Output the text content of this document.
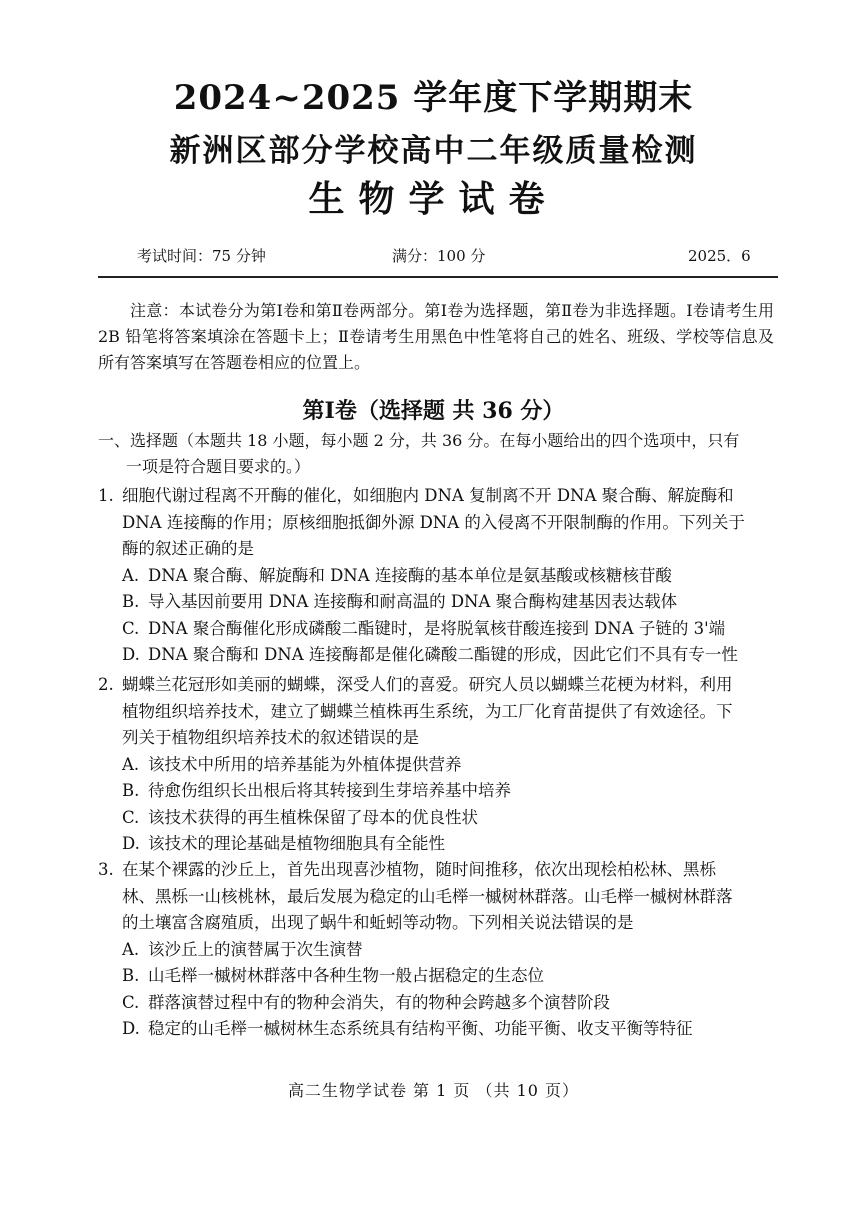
2024~2025 学年度下学期期末
新洲区部分学校高中二年级质量检测
生物学试卷
考试时间：75 分钟	满分：100 分	2025．6
注意：本试卷分为第Ⅰ卷和第Ⅱ卷两部分。第Ⅰ卷为选择题，第Ⅱ卷为非选择题。Ⅰ卷请考生用 2B 铅笔将答案填涂在答题卡上；Ⅱ卷请考生用黑色中性笔将自己的姓名、班级、学校等信息及所有答案填写在答题卷相应的位置上。
第Ⅰ卷（选择题 共 36 分）
一、选择题（本题共 18 小题，每小题 2 分，共 36 分。在每小题给出的四个选项中，只有
一项是符合题目要求的。）
1. 细胞代谢过程离不开酶的催化，如细胞内 DNA 复制离不开 DNA 聚合酶、解旋酶和
DNA 连接酶的作用；原核细胞抵御外源 DNA 的入侵离不开限制酶的作用。下列关于
酶的叙述正确的是
A. DNA 聚合酶、解旋酶和 DNA 连接酶的基本单位是氨基酸或核糖核苷酸
B. 导入基因前要用 DNA 连接酶和耐高温的 DNA 聚合酶构建基因表达载体
C. DNA 聚合酶催化形成磷酸二酯键时，是将脱氧核苷酸连接到 DNA 子链的 3'端
D. DNA 聚合酶和 DNA 连接酶都是催化磷酸二酯键的形成，因此它们不具有专一性
2. 蝴蝶兰花冠形如美丽的蝴蝶，深受人们的喜爱。研究人员以蝴蝶兰花梗为材料，利用
植物组织培养技术，建立了蝴蝶兰植株再生系统，为工厂化育苗提供了有效途径。下
列关于植物组织培养技术的叙述错误的是
A. 该技术中所用的培养基能为外植体提供营养
B. 待愈伤组织长出根后将其转接到生芽培养基中培养
C. 该技术获得的再生植株保留了母本的优良性状
D. 该技术的理论基础是植物细胞具有全能性
3. 在某个裸露的沙丘上，首先出现喜沙植物，随时间推移，依次出现桧柏松林、黑栎
林、黑栎一山核桃林，最后发展为稳定的山毛榉一槭树林群落。山毛榉一槭树林群落
的土壤富含腐殖质，出现了蜗牛和蚯蚓等动物。下列相关说法错误的是
A. 该沙丘上的演替属于次生演替
B. 山毛榉一槭树林群落中各种生物一般占据稳定的生态位
C. 群落演替过程中有的物种会消失，有的物种会跨越多个演替阶段
D. 稳定的山毛榉一槭树林生态系统具有结构平衡、功能平衡、收支平衡等特征
高二生物学试卷 第 1 页 （共 10 页）
